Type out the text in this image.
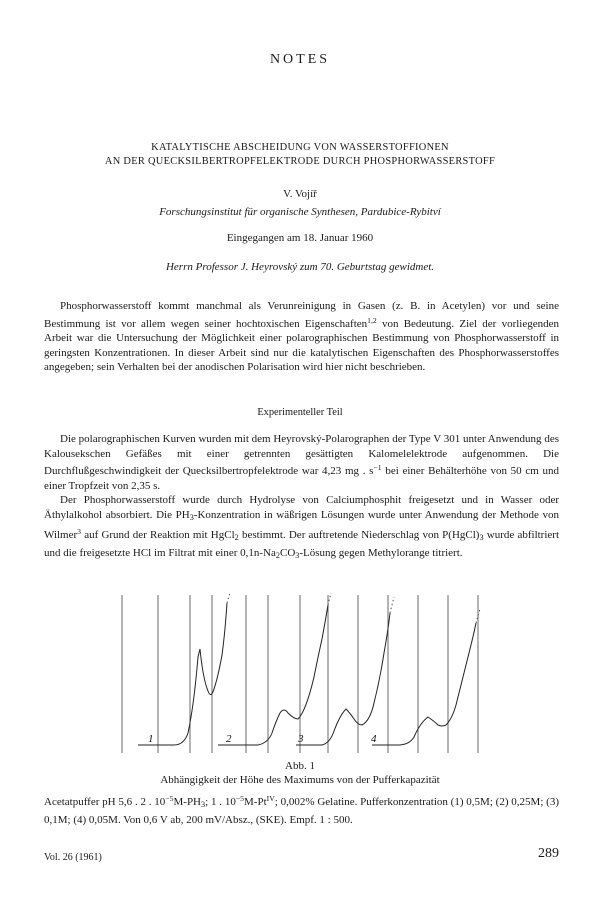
NOTES
KATALYTISCHE ABSCHEIDUNG VON WASSERSTOFFIONEN
AN DER QUECKSILBERTROPFELEKTRODE DURCH PHOSPHORWASSERSTOFF
V. Vojíř
Forschungsinstitut für organische Synthesen, Pardubice-Rybitví
Eingegangen am 18. Januar 1960
Herrn Professor J. Heyrovský zum 70. Geburtstag gewidmet.

Phosphorwasserstoff kommt manchmal als Verunreinigung in Gasen (z. B. in Acetylen) vor und seine Bestimmung ist vor allem wegen seiner hochtoxischen Eigenschaften$^{1,2}$ von Bedeutung. Ziel der vorliegenden Arbeit war die Untersuchung der Möglichkeit einer polarographischen Bestimmung von Phosphorwasserstoff in geringsten Konzentrationen. In dieser Arbeit sind nur die katalytischen Eigenschaften des Phosphorwasserstoffes angegeben; sein Verhalten bei der anodischen Polarisation wird hier nicht beschrieben.

Experimenteller Teil

Die polarographischen Kurven wurden mit dem Heyrovský-Polarographen der Type V 301 unter Anwendung des Kalousekschen Gefäßes mit einer getrennten gesättigten Kalomelelektrode aufgenommen. Die Durchflußgeschwindigkeit der Quecksilbertropfelektrode war 4,23 mg . $s^{-1}$ bei einer Behälterhöhe von 50 cm und einer Tropfzeit von 2,35 s.

Der Phosphorwasserstoff wurde durch Hydrolyse von Calciumphosphit freigesetzt und in Wasser oder Äthylalkohol absorbiert. Die $PH_3$-Konzentration in wäßrigen Lösungen wurde unter Anwendung der Methode von Wilmer$^3$ auf Grund der Reaktion mit HgCl$_2$ bestimmt. Der auftretende Niederschlag von $P(HgCl)_3$ wurde abfiltriert und die freigesetzte HCl im Filtrat mit einer $0,1n-Na_2CO_3$-Lösung gegen Methylorange titriert.

1	2	3	4
Abb. 1
Abhängigkeit der Höhe des Maximums von der Pufferkapazität
Acetatpuffer pH 5,6 . 2 . $10^{-5}M-PH_3$; 1 . $10^{-5}M-Pt^{IV}$; 0,002% Gelatine. Pufferkonzentration (1) 0,5M; (2) 0,25M; (3) 0,1M; (4) 0,05M. Von 0,6 V ab, 200 mV/Absz., (SKE). Empf. 1 : 500.
Vol. 26 (1961)	289
